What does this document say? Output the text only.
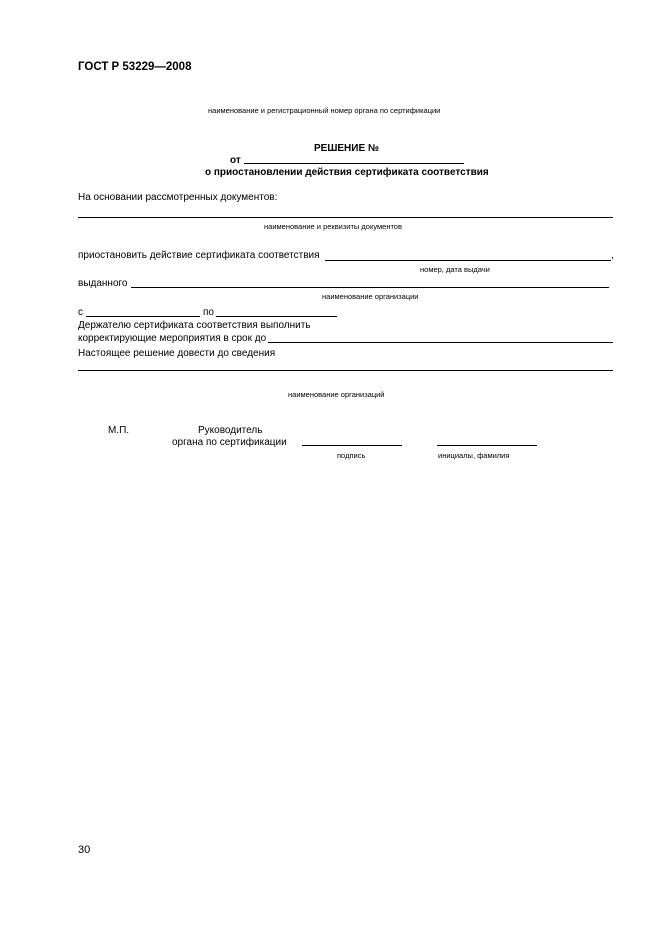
ГОСТ Р 53229—2008
наименование и регистрационный номер органа по сертификации
РЕШЕНИЕ №
от
о приостановлении действия сертификата соответствия
На основании рассмотренных документов:
наименование и реквизиты документов
приостановить действие сертификата соответствия	,
номер, дата выдачи
выданного
наименование организации
с	по
Держателю сертификата соответствия выполнить
корректирующие мероприятия в срок до
Настоящее решение довести до сведения
наименование организаций
М.П.	Руководитель
органа по сертификации
подпись	инициалы, фамилия
30
